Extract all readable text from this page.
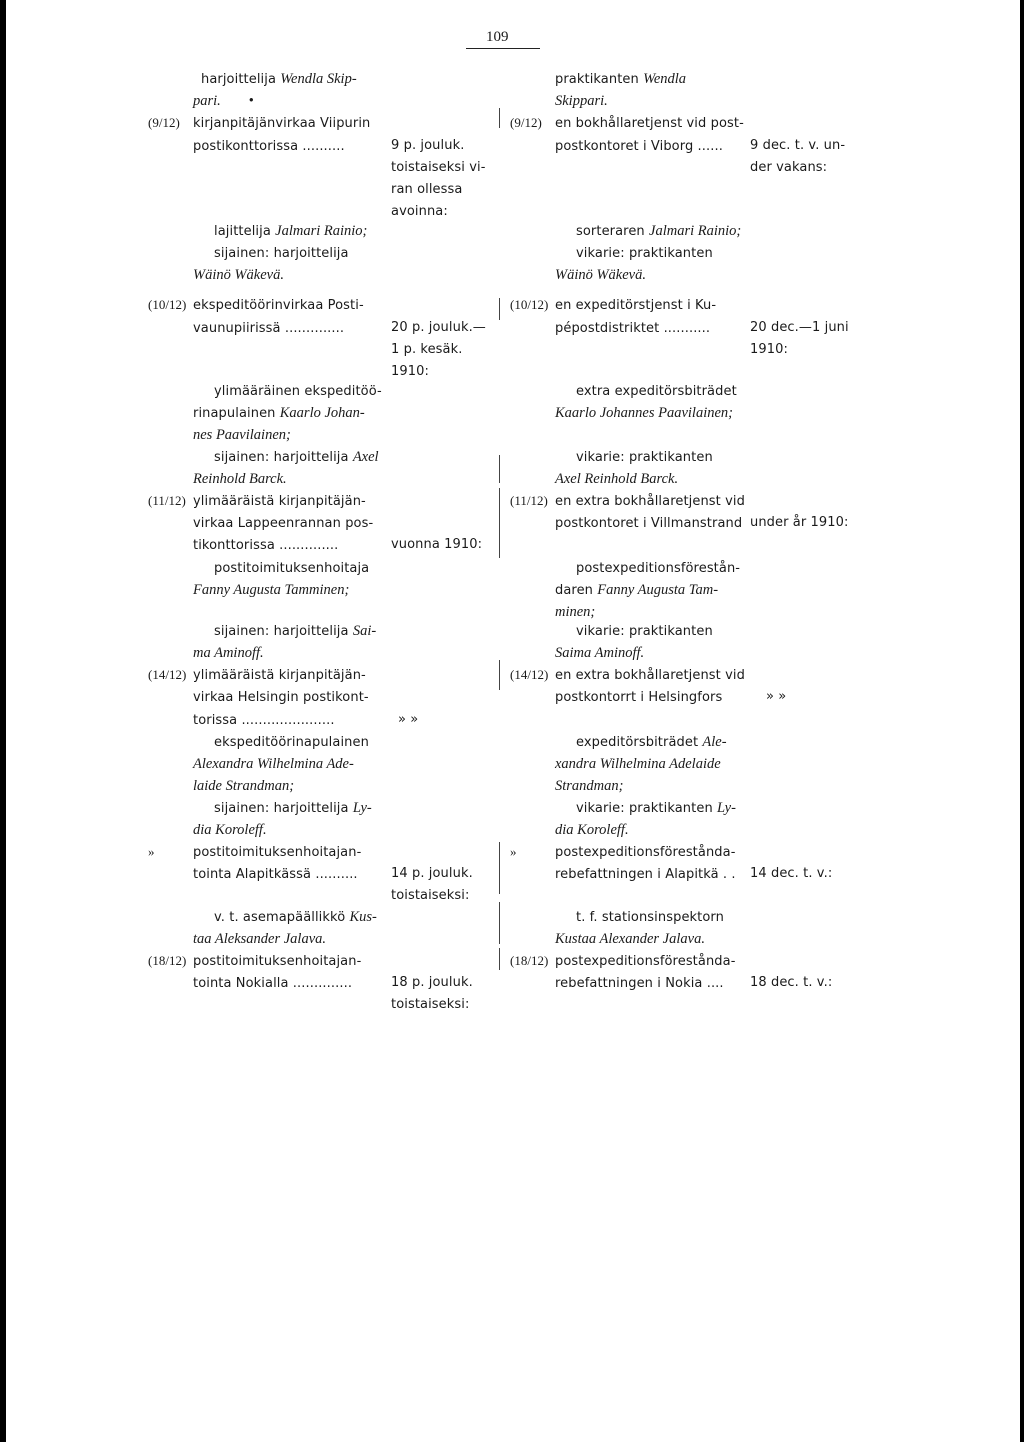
109
harjoittelija Wendla Skip-
pari. •
(9/12) kirjanpitäjänvirkaa Viipurin
postikonttorissa ..........
lajittelija Jalmari Rainio;
sijainen: harjoittelija
Wäinö Wäkevä.
(10/12) ekspeditöörinvirkaa Posti-
vaunupiirissä ..............
ylimääräinen ekspeditöö-
rinapulainen Kaarlo Johan-
nes Paavilainen;
sijainen: harjoittelija Axel
Reinhold Barck.
(11/12) ylimääräistä kirjanpitäjän-
virkaa Lappeenrannan pos-
tikonttorissa ..............
postitoimituksenhoitaja
Fanny Augusta Tamminen;
sijainen: harjoittelija Sai-
ma Aminoff.
(14/12) ylimääräistä kirjanpitäjän-
virkaa Helsingin postikont-
torissa ......................
ekspeditöörinapulainen
Alexandra Wilhelmina Ade-
laide Strandman;
sijainen: harjoittelija Ly-
dia Koroleff.
»	postitoimituksenhoitajan-
tointa Alapitkässä ..........
v. t. asemapäällikkö Kus-
taa Aleksander Jalava.
(18/12) postitoimituksenhoitajan-
tointa Nokialla ..............
9 p. jouluk.
toistaiseksi vi-
ran ollessa
avoinna:
20 p. jouluk.—
1 p. kesäk.
1910:
vuonna 1910:
» »
14 p. jouluk.
toistaiseksi:
18 p. jouluk.
toistaiseksi:
praktikanten Wendla
Skippari.
(9/12) en bokhållaretjenst vid post-
postkontoret i Viborg ......
sorteraren Jalmari Rainio;
vikarie: praktikanten
Wäinö Wäkevä.
(10/12) en expeditörstjenst i Ku-
pépostdistriktet ...........
extra expeditörsbiträdet
Kaarlo Johannes Paavilainen;
vikarie: praktikanten
Axel Reinhold Barck.
(11/12) en extra bokhållaretjenst vid
postkontoret i Villmanstrand
postexpeditionsförestån-
daren Fanny Augusta Tam-
minen;
vikarie: praktikanten
Saima Aminoff.
(14/12) en extra bokhållaretjenst vid
postkontorrt i Helsingfors
expeditörsbiträdet Ale-
xandra Wilhelmina Adelaide
Strandman;
vikarie: praktikanten Ly-
dia Koroleff.
»	postexpeditionsförestånda-
rebefattningen i Alapitkä . .
t. f. stationsinspektorn
Kustaa Alexander Jalava.
(18/12) postexpeditionsförestånda-
rebefattningen i Nokia ....
9 dec. t. v. un-
der vakans:
20 dec.—1 juni
1910:
under år 1910:
» »
14 dec. t. v.:
18 dec. t. v.:
